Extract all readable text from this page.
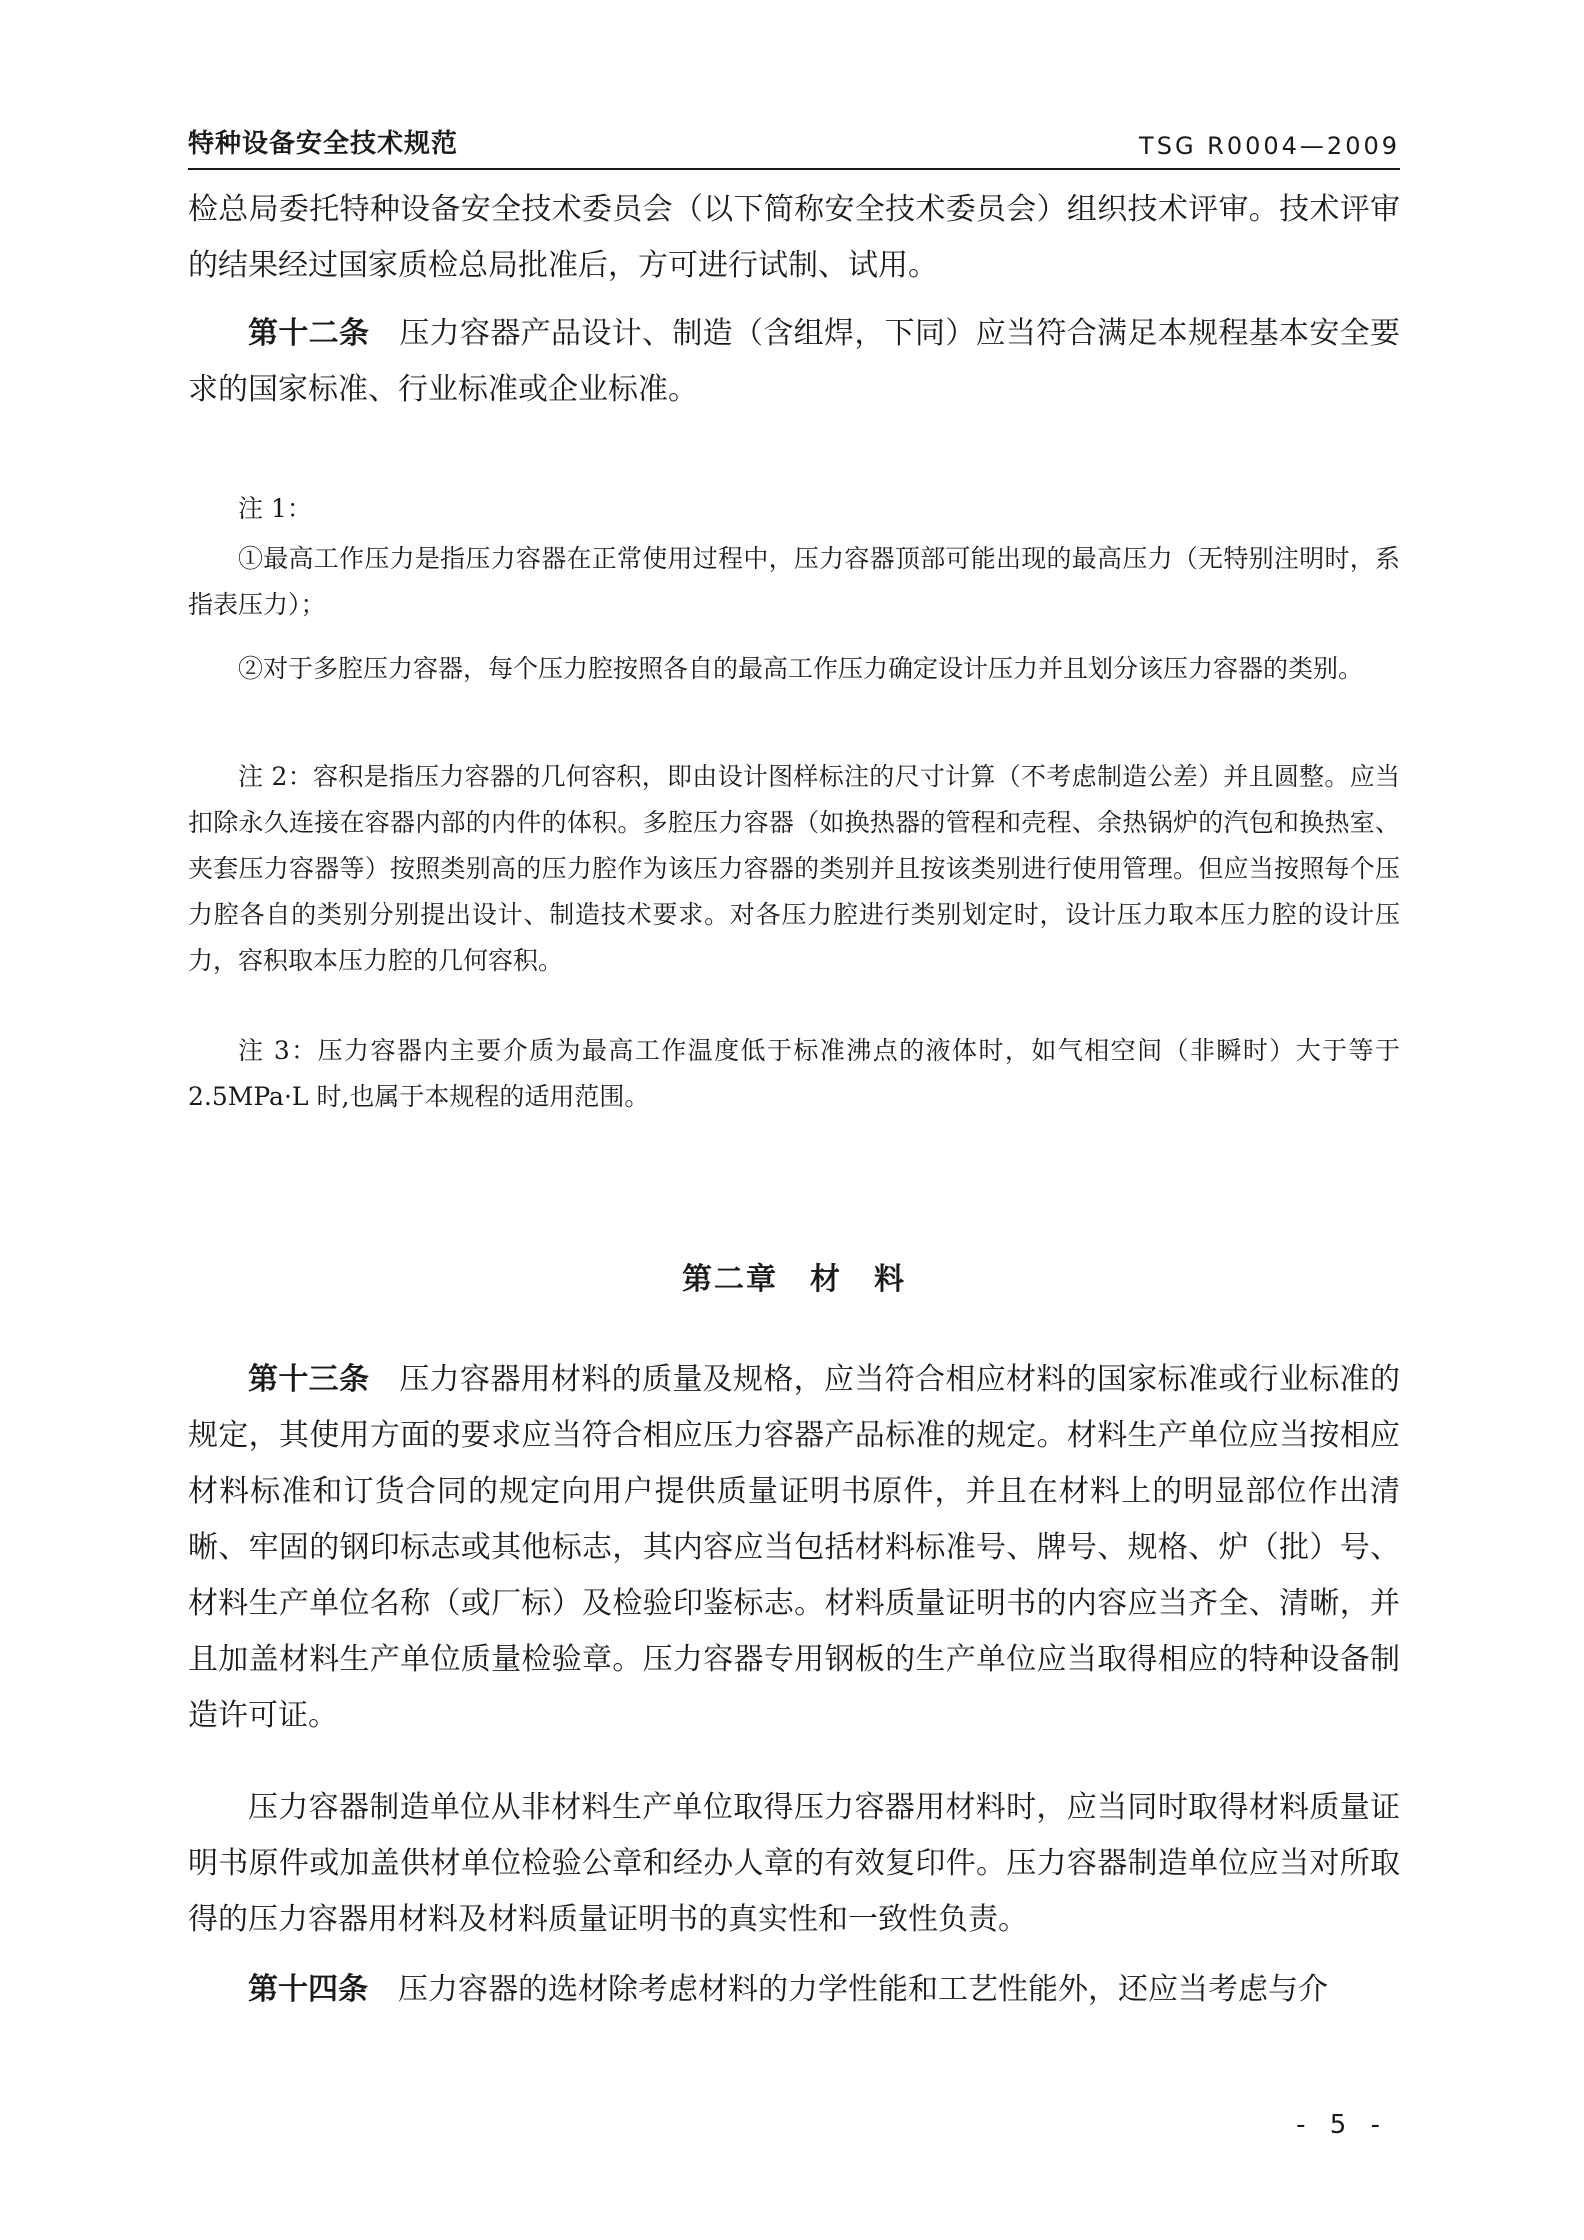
特种设备安全技术规范	TSG R0004—2009

检总局委托特种设备安全技术委员会（以下简称安全技术委员会）组织技术评审。技术评审的结果经过国家质检总局批准后，方可进行试制、试用。

第十二条 压力容器产品设计、制造（含组焊，下同）应当符合满足本规程基本安全要求的国家标准、行业标准或企业标准。

注 1：

①最高工作压力是指压力容器在正常使用过程中，压力容器顶部可能出现的最高压力（无特别注明时，系指表压力）；

②对于多腔压力容器，每个压力腔按照各自的最高工作压力确定设计压力并且划分该压力容器的类别。

注 2：容积是指压力容器的几何容积，即由设计图样标注的尺寸计算（不考虑制造公差）并且圆整。应当扣除永久连接在容器内部的内件的体积。多腔压力容器（如换热器的管程和壳程、余热锅炉的汽包和换热室、夹套压力容器等）按照类别高的压力腔作为该压力容器的类别并且按该类别进行使用管理。但应当按照每个压力腔各自的类别分别提出设计、制造技术要求。对各压力腔进行类别划定时，设计压力取本压力腔的设计压力，容积取本压力腔的几何容积。

注 3：压力容器内主要介质为最高工作温度低于标准沸点的液体时，如气相空间（非瞬时）大于等于 2.5MPa·L 时,也属于本规程的适用范围。

第二章　材　料

第十三条 压力容器用材料的质量及规格，应当符合相应材料的国家标准或行业标准的规定，其使用方面的要求应当符合相应压力容器产品标准的规定。材料生产单位应当按相应材料标准和订货合同的规定向用户提供质量证明书原件，并且在材料上的明显部位作出清晰、牢固的钢印标志或其他标志，其内容应当包括材料标准号、牌号、规格、炉（批）号、材料生产单位名称（或厂标）及检验印鉴标志。材料质量证明书的内容应当齐全、清晰，并且加盖材料生产单位质量检验章。压力容器专用钢板的生产单位应当取得相应的特种设备制造许可证。

压力容器制造单位从非材料生产单位取得压力容器用材料时，应当同时取得材料质量证明书原件或加盖供材单位检验公章和经办人章的有效复印件。压力容器制造单位应当对所取得的压力容器用材料及材料质量证明书的真实性和一致性负责。

第十四条 压力容器的选材除考虑材料的力学性能和工艺性能外，还应当考虑与介

- 5 -
